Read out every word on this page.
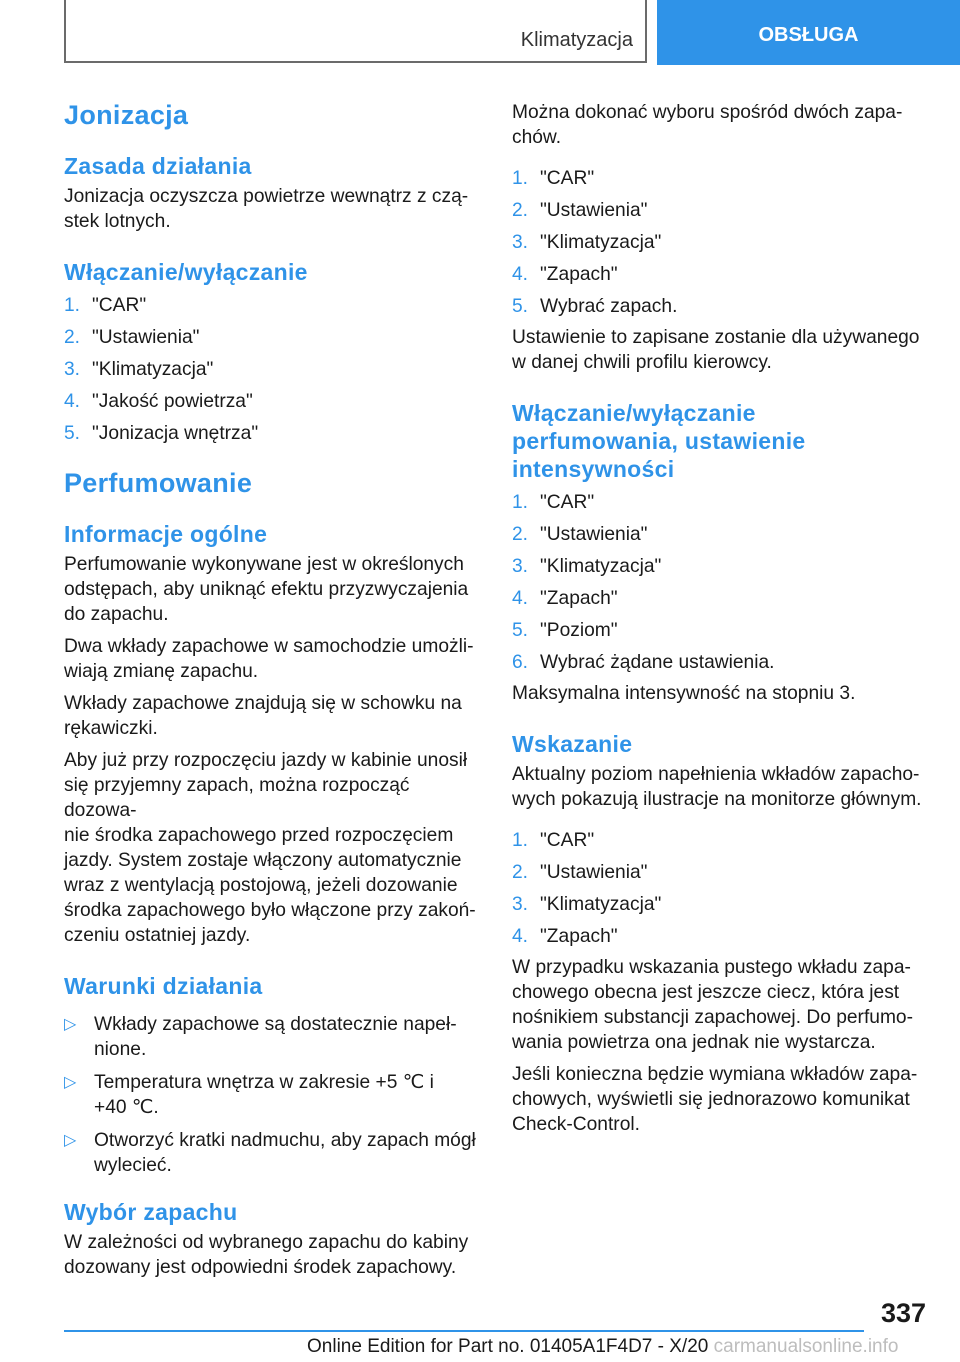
Klimatyzacja	OBSŁUGA
Jonizacja
Zasada działania

Jonizacja oczyszcza powietrze wewnątrz z czą-
stek lotnych.

Włączanie/wyłączanie
1. "CAR"
2. "Ustawienia"
3. "Klimatyzacja"
4. "Jakość powietrza"
5. "Jonizacja wnętrza"
Perfumowanie
Informacje ogólne

Perfumowanie wykonywane jest w określonych
odstępach, aby uniknąć efektu przyzwyczajenia
do zapachu.

Dwa wkłady zapachowe w samochodzie umożli-
wiają zmianę zapachu.

Wkłady zapachowe znajdują się w schowku na
rękawiczki.

Aby już przy rozpoczęciu jazdy w kabinie unosił
się przyjemny zapach, można rozpocząć dozowa-
nie środka zapachowego przed rozpoczęciem
jazdy. System zostaje włączony automatycznie
wraz z wentylacją postojową, jeżeli dozowanie
środka zapachowego było włączone przy zakoń-
czeniu ostatniej jazdy.

Warunki działania
▷ Wkłady zapachowe są dostatecznie napeł-
nione.
▷ Temperatura wnętrza w zakresie +5 ℃ i
+40 ℃.
▷ Otworzyć kratki nadmuchu, aby zapach mógł
wylecieć.
Wybór zapachu

W zależności od wybranego zapachu do kabiny
dozowany jest odpowiedni środek zapachowy.

Można dokonać wyboru spośród dwóch zapa-
chów.

1. "CAR"
2. "Ustawienia"
3. "Klimatyzacja"
4. "Zapach"
5. Wybrać zapach.

Ustawienie to zapisane zostanie dla używanego
w danej chwili profilu kierowcy.

Włączanie/wyłączanie
perfumowania, ustawienie
intensywności
1. "CAR"
2. "Ustawienia"
3. "Klimatyzacja"
4. "Zapach"
5. "Poziom"
6. Wybrać żądane ustawienia.

Maksymalna intensywność na stopniu 3.

Wskazanie

Aktualny poziom napełnienia wkładów zapacho-
wych pokazują ilustracje na monitorze głównym.

1. "CAR"
2. "Ustawienia"
3. "Klimatyzacja"
4. "Zapach"

W przypadku wskazania pustego wkładu zapa-
chowego obecna jest jeszcze ciecz, która jest
nośnikiem substancji zapachowej. Do perfumo-
wania powietrza ona jednak nie wystarcza.

Jeśli konieczna będzie wymiana wkładów zapa-
chowych, wyświetli się jednorazowo komunikat
Check-Control.

337
Online Edition for Part no. 01405A1F4D7 - X/20 carmanualsonline.info
